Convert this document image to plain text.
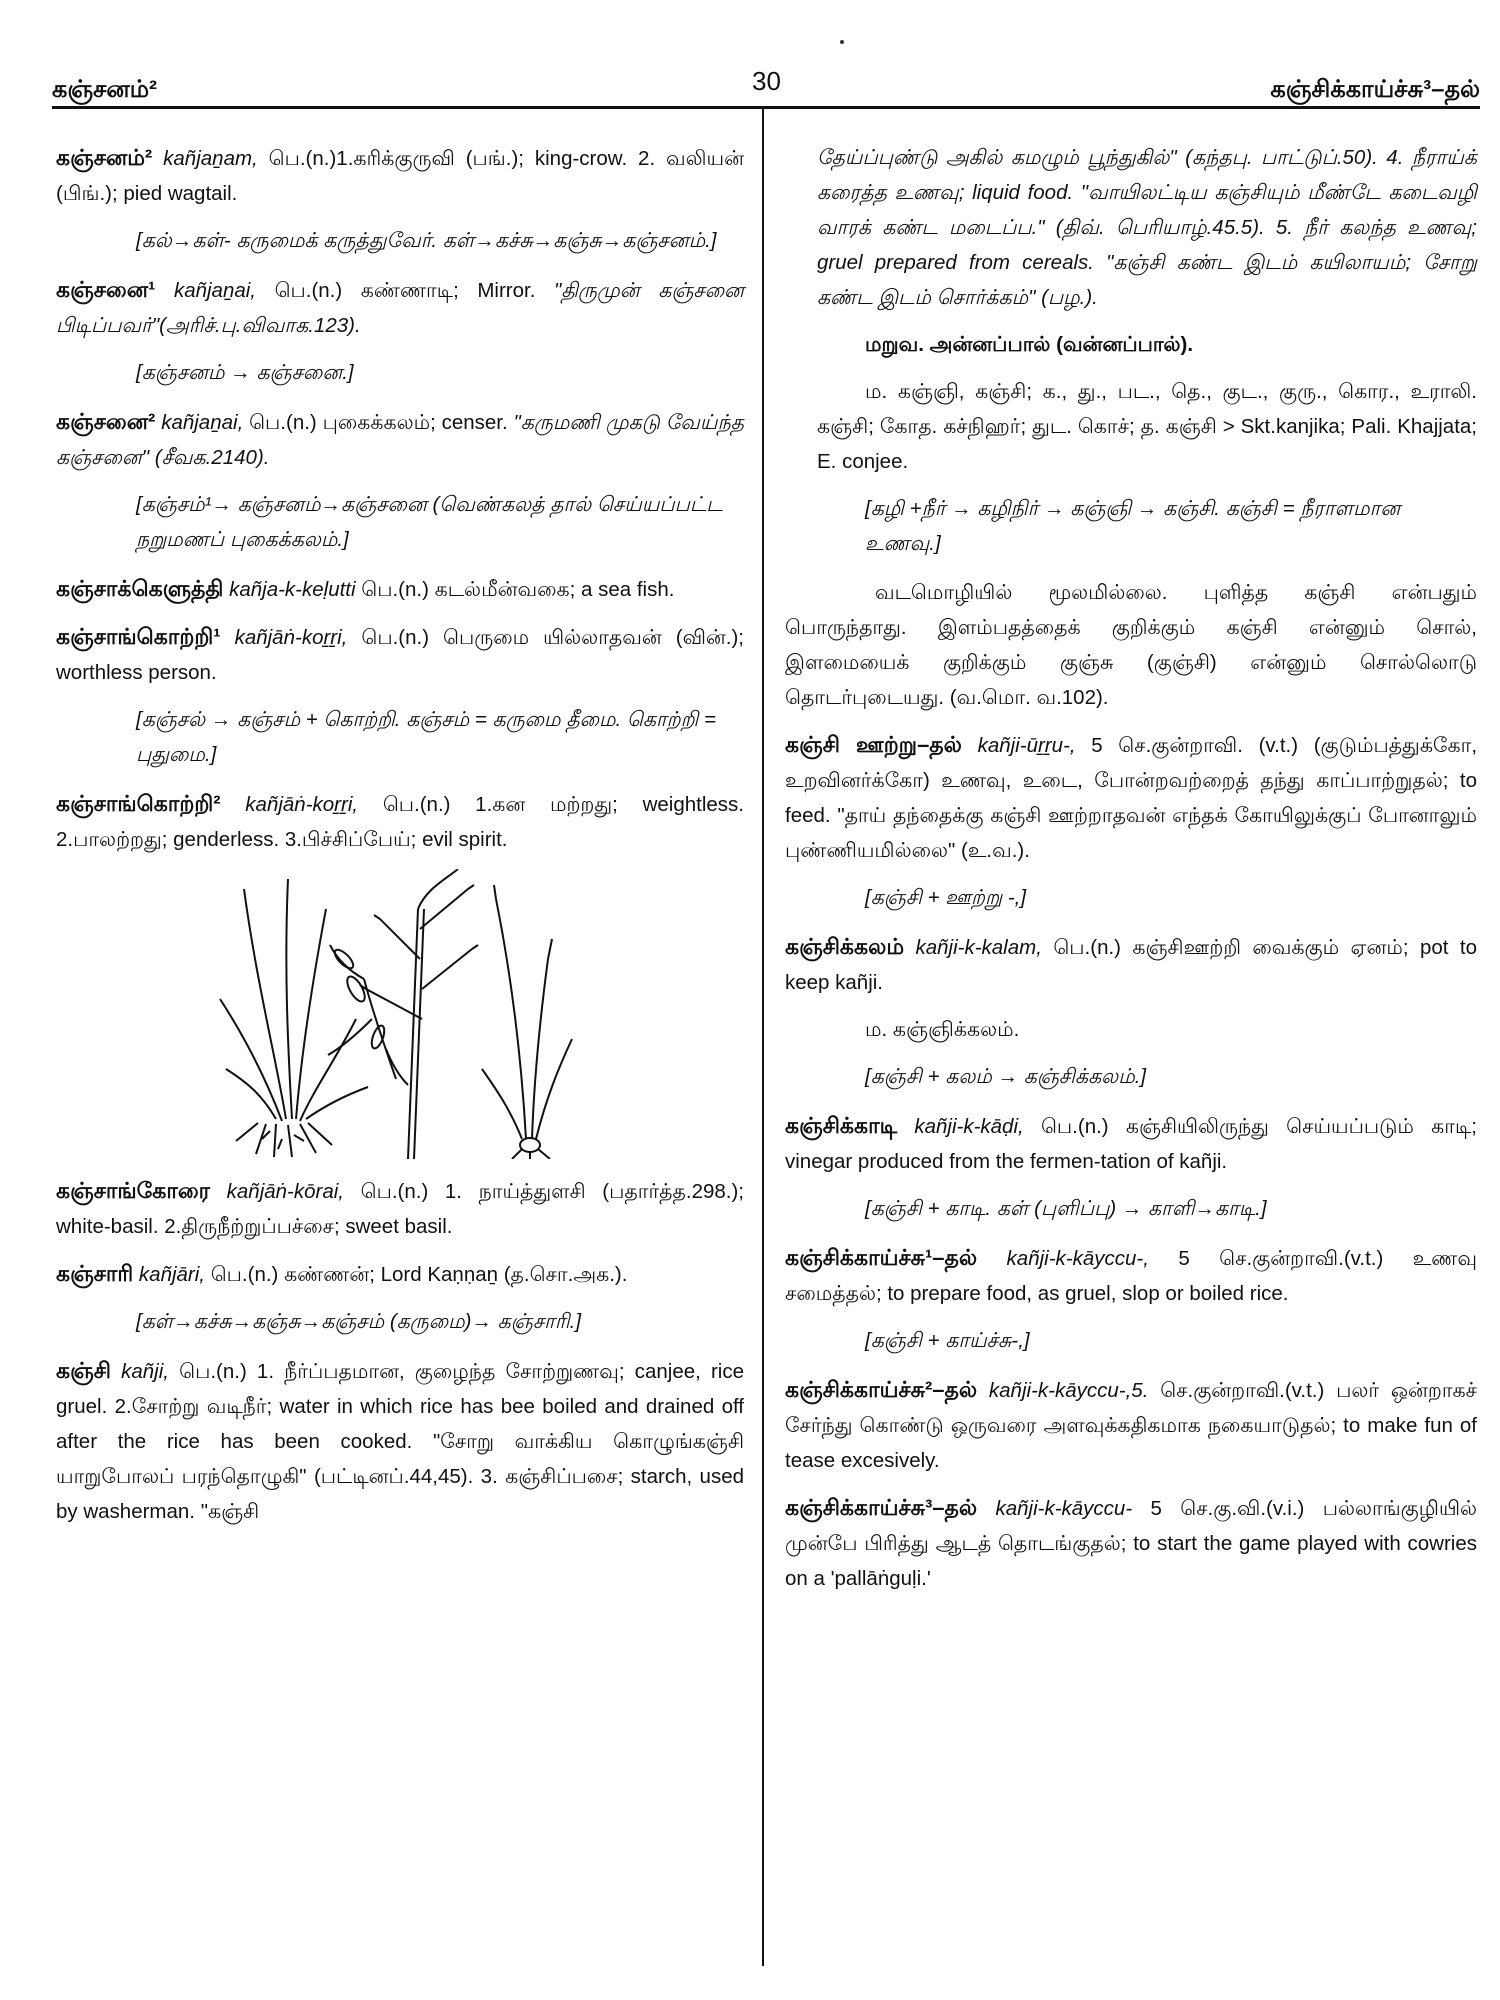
கஞ்சனம்²	30	கஞ்சிக்காய்ச்சு³–தல்
கஞ்சனம்² kañjaṉam, பெ.(n.)1.கரிக்குருவி (பங்.); king-crow. 2. வலியன் (பிங்.); pied wagtail.
[கல்→கள்- கருமைக் கருத்துவேர். கள்→கச்சு→கஞ்சு→கஞ்சனம்.]
கஞ்சனை¹ kañjaṉai, பெ.(n.) கண்ணாடி; Mirror. "திருமுன் கஞ்சனை பிடிப்பவர்"(அரிச்.பு.விவாக.123).
[கஞ்சனம் → கஞ்சனை.]
கஞ்சனை² kañjaṉai, பெ.(n.) புகைக்கலம்; censer. "கருமணி முகடு வேய்ந்த கஞ்சனை" (சீவக.2140).
[கஞ்சம்¹→ கஞ்சனம்→கஞ்சனை (வெண்கலத் தால் செய்யப்பட்ட நறுமணப் புகைக்கலம்.]
கஞ்சாக்கெளுத்தி kañja-k-keḷutti பெ.(n.) கடல்மீன்வகை; a sea fish.
கஞ்சாங்கொற்றி¹ kañjāṅ-koṟṟi, பெ.(n.) பெருமை யில்லாதவன் (வின்.); worthless person.
[கஞ்சல் → கஞ்சம் + கொற்றி. கஞ்சம் = கருமை தீமை. கொற்றி = புதுமை.]
கஞ்சாங்கொற்றி² kañjāṅ-koṟṟi, பெ.(n.) 1.கன மற்றது; weightless. 2.பாலற்றது; genderless. 3.பிச்சிப்பேய்; evil spirit.
கஞ்சாங்கோரை kañjāṅ-kōrai, பெ.(n.) 1. நாய்த்துளசி (பதார்த்த.298.); white-basil. 2.திருநீற்றுப்பச்சை; sweet basil.
கஞ்சாரி kañjāri, பெ.(n.) கண்ணன்; Lord Kaṇṇaṉ (த.சொ.அக.).
[கள்→கச்சு→கஞ்சு→கஞ்சம் (கருமை)→ கஞ்சாரி.]
கஞ்சி kañji, பெ.(n.) 1. நீர்ப்பதமான, குழைந்த சோற்றுணவு; canjee, rice gruel. 2.சோற்று வடிநீர்; water in which rice has bee boiled and drained off after the rice has been cooked. "சோறு வாக்கிய கொழுங்கஞ்சி யாறுபோலப் பரந்தொழுகி" (பட்டினப்.44,45). 3. கஞ்சிப்பசை; starch, used by washerman. "கஞ்சி
தேய்ப்புண்டு அகில் கமழும் பூந்துகில்" (கந்தபு. பாட்டுப்.50). 4. நீராய்க் கரைத்த உணவு; liquid food. "வாயிலட்டிய கஞ்சியும் மீண்டே கடைவழி வாரக் கண்ட மடைப்ப." (திவ். பெரியாழ்.45.5). 5. நீர் கலந்த உணவு; gruel prepared from cereals. "கஞ்சி கண்ட இடம் கயிலாயம்; சோறு கண்ட இடம் சொர்க்கம்" (பழ.).
மறுவ. அன்னப்பால் (வன்னப்பால்).
ம. கஞ்ஞி, கஞ்சி; க., து., பட., தெ., குட., குரு., கொர., உராலி. கஞ்சி; கோத. கச்நிஹர்; துட. கொச்; த. கஞ்சி > Skt.kanjika; Pali. Khajjata; E. conjee.
[கழி +நீர் → கழிநிர் → கஞ்ஞி → கஞ்சி. கஞ்சி = நீராளமான உணவு.]
வடமொழியில் மூலமில்லை. புளித்த கஞ்சி என்பதும் பொருந்தாது. இளம்பதத்தைக் குறிக்கும் கஞ்சி என்னும் சொல், இளமையைக் குறிக்கும் குஞ்சு (குஞ்சி) என்னும் சொல்லொடு தொடர்புடையது. (வ.மொ. வ.102).
கஞ்சி ஊற்று–தல் kañji-ūṟṟu-, 5 செ.குன்றாவி. (v.t.) (குடும்பத்துக்கோ, உறவினர்க்கோ) உணவு, உடை, போன்றவற்றைத் தந்து காப்பாற்றுதல்; to feed. "தாய் தந்தைக்கு கஞ்சி ஊற்றாதவன் எந்தக் கோயிலுக்குப் போனாலும் புண்ணியமில்லை" (உ.வ.).
[கஞ்சி + ஊற்று -,]
கஞ்சிக்கலம் kañji-k-kalam, பெ.(n.) கஞ்சிஊற்றி வைக்கும் ஏனம்; pot to keep kañji.
ம. கஞ்ஞிக்கலம்.
[கஞ்சி + கலம் → கஞ்சிக்கலம்.]
கஞ்சிக்காடி kañji-k-kāḍi, பெ.(n.) கஞ்சியிலிருந்து செய்யப்படும் காடி; vinegar produced from the fermen-tation of kañji.
[கஞ்சி + காடி. கள் (புளிப்பு) → காளி→காடி.]
கஞ்சிக்காய்ச்சு¹–தல் kañji-k-kāyccu-, 5 செ.குன்றாவி.(v.t.) உணவு சமைத்தல்; to prepare food, as gruel, slop or boiled rice.
[கஞ்சி + காய்ச்சு-,]
கஞ்சிக்காய்ச்சு²–தல் kañji-k-kāyccu-,5. செ.குன்றாவி.(v.t.) பலர் ஒன்றாகச் சேர்ந்து கொண்டு ஒருவரை அளவுக்கதிகமாக நகையாடுதல்; to make fun of tease excesively.
கஞ்சிக்காய்ச்சு³–தல் kañji-k-kāyccu- 5 செ.கு.வி.(v.i.) பல்லாங்குழியில் முன்பே பிரித்து ஆடத் தொடங்குதல்; to start the game played with cowries on a 'pallāṅguḷi.'
